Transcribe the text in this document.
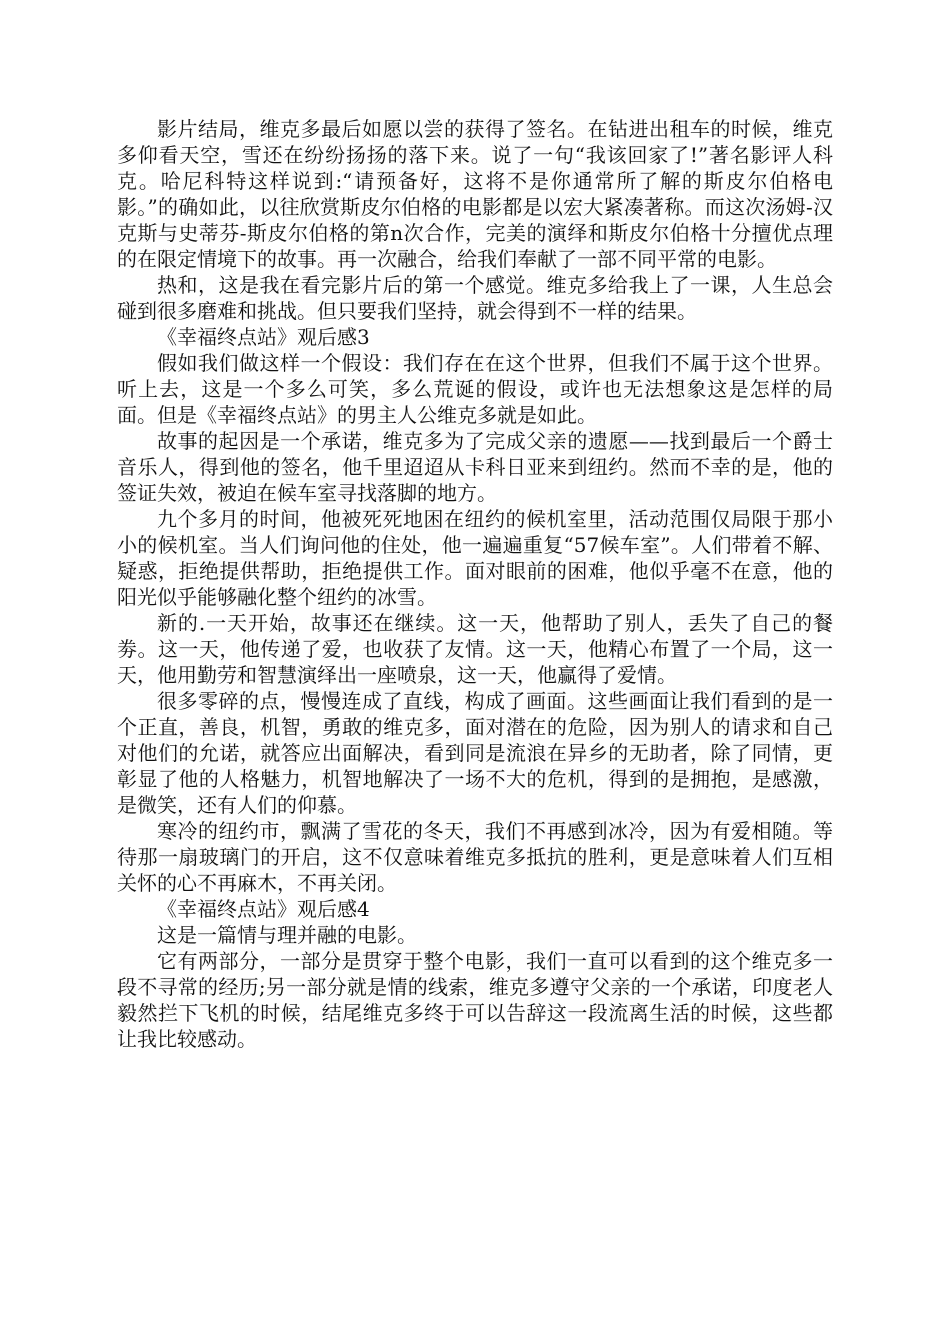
影片结局，维克多最后如愿以尝的获得了签名。在钻进出租车的时候，维克多仰看天空，雪还在纷纷扬扬的落下来。说了一句“我该回家了!”著名影评人科克。哈尼科特这样说到:“请预备好，这将不是你通常所了解的斯皮尔伯格电影。”的确如此，以往欣赏斯皮尔伯格的电影都是以宏大紧凑著称。而这次汤姆-汉克斯与史蒂芬-斯皮尔伯格的第n次合作，完美的演绎和斯皮尔伯格十分擅优点理的在限定情境下的故事。再一次融合，给我们奉献了一部不同平常的电影。

热和，这是我在看完影片后的第一个感觉。维克多给我上了一课，人生总会碰到很多磨难和挑战。但只要我们坚持，就会得到不一样的结果。

《幸福终点站》观后感3

假如我们做这样一个假设：我们存在在这个世界，但我们不属于这个世界。听上去，这是一个多么可笑，多么荒诞的假设，或许也无法想象这是怎样的局面。但是《幸福终点站》的男主人公维克多就是如此。

故事的起因是一个承诺，维克多为了完成父亲的遗愿——找到最后一个爵士音乐人，得到他的签名，他千里迢迢从卡科日亚来到纽约。然而不幸的是，他的签证失效，被迫在候车室寻找落脚的地方。

九个多月的时间，他被死死地困在纽约的候机室里，活动范围仅局限于那小小的候机室。当人们询问他的住处，他一遍遍重复“57候车室”。人们带着不解、疑惑，拒绝提供帮助，拒绝提供工作。面对眼前的困难，他似乎毫不在意，他的阳光似乎能够融化整个纽约的冰雪。

新的.一天开始，故事还在继续。这一天，他帮助了别人，丢失了自己的餐劵。这一天，他传递了爱，也收获了友情。这一天，他精心布置了一个局，这一天，他用勤劳和智慧演绎出一座喷泉，这一天，他赢得了爱情。

很多零碎的点，慢慢连成了直线，构成了画面。这些画面让我们看到的是一个正直，善良，机智，勇敢的维克多，面对潜在的危险，因为别人的请求和自己对他们的允诺，就答应出面解决，看到同是流浪在异乡的无助者，除了同情，更彰显了他的人格魅力，机智地解决了一场不大的危机，得到的是拥抱，是感激，是微笑，还有人们的仰慕。

寒冷的纽约市，飘满了雪花的冬天，我们不再感到冰冷，因为有爱相随。等待那一扇玻璃门的开启，这不仅意味着维克多抵抗的胜利，更是意味着人们互相关怀的心不再麻木，不再关闭。

《幸福终点站》观后感4

这是一篇情与理并融的电影。

它有两部分，一部分是贯穿于整个电影，我们一直可以看到的这个维克多一段不寻常的经历;另一部分就是情的线索，维克多遵守父亲的一个承诺，印度老人毅然拦下飞机的时候，结尾维克多终于可以告辞这一段流离生活的时候，这些都让我比较感动。
